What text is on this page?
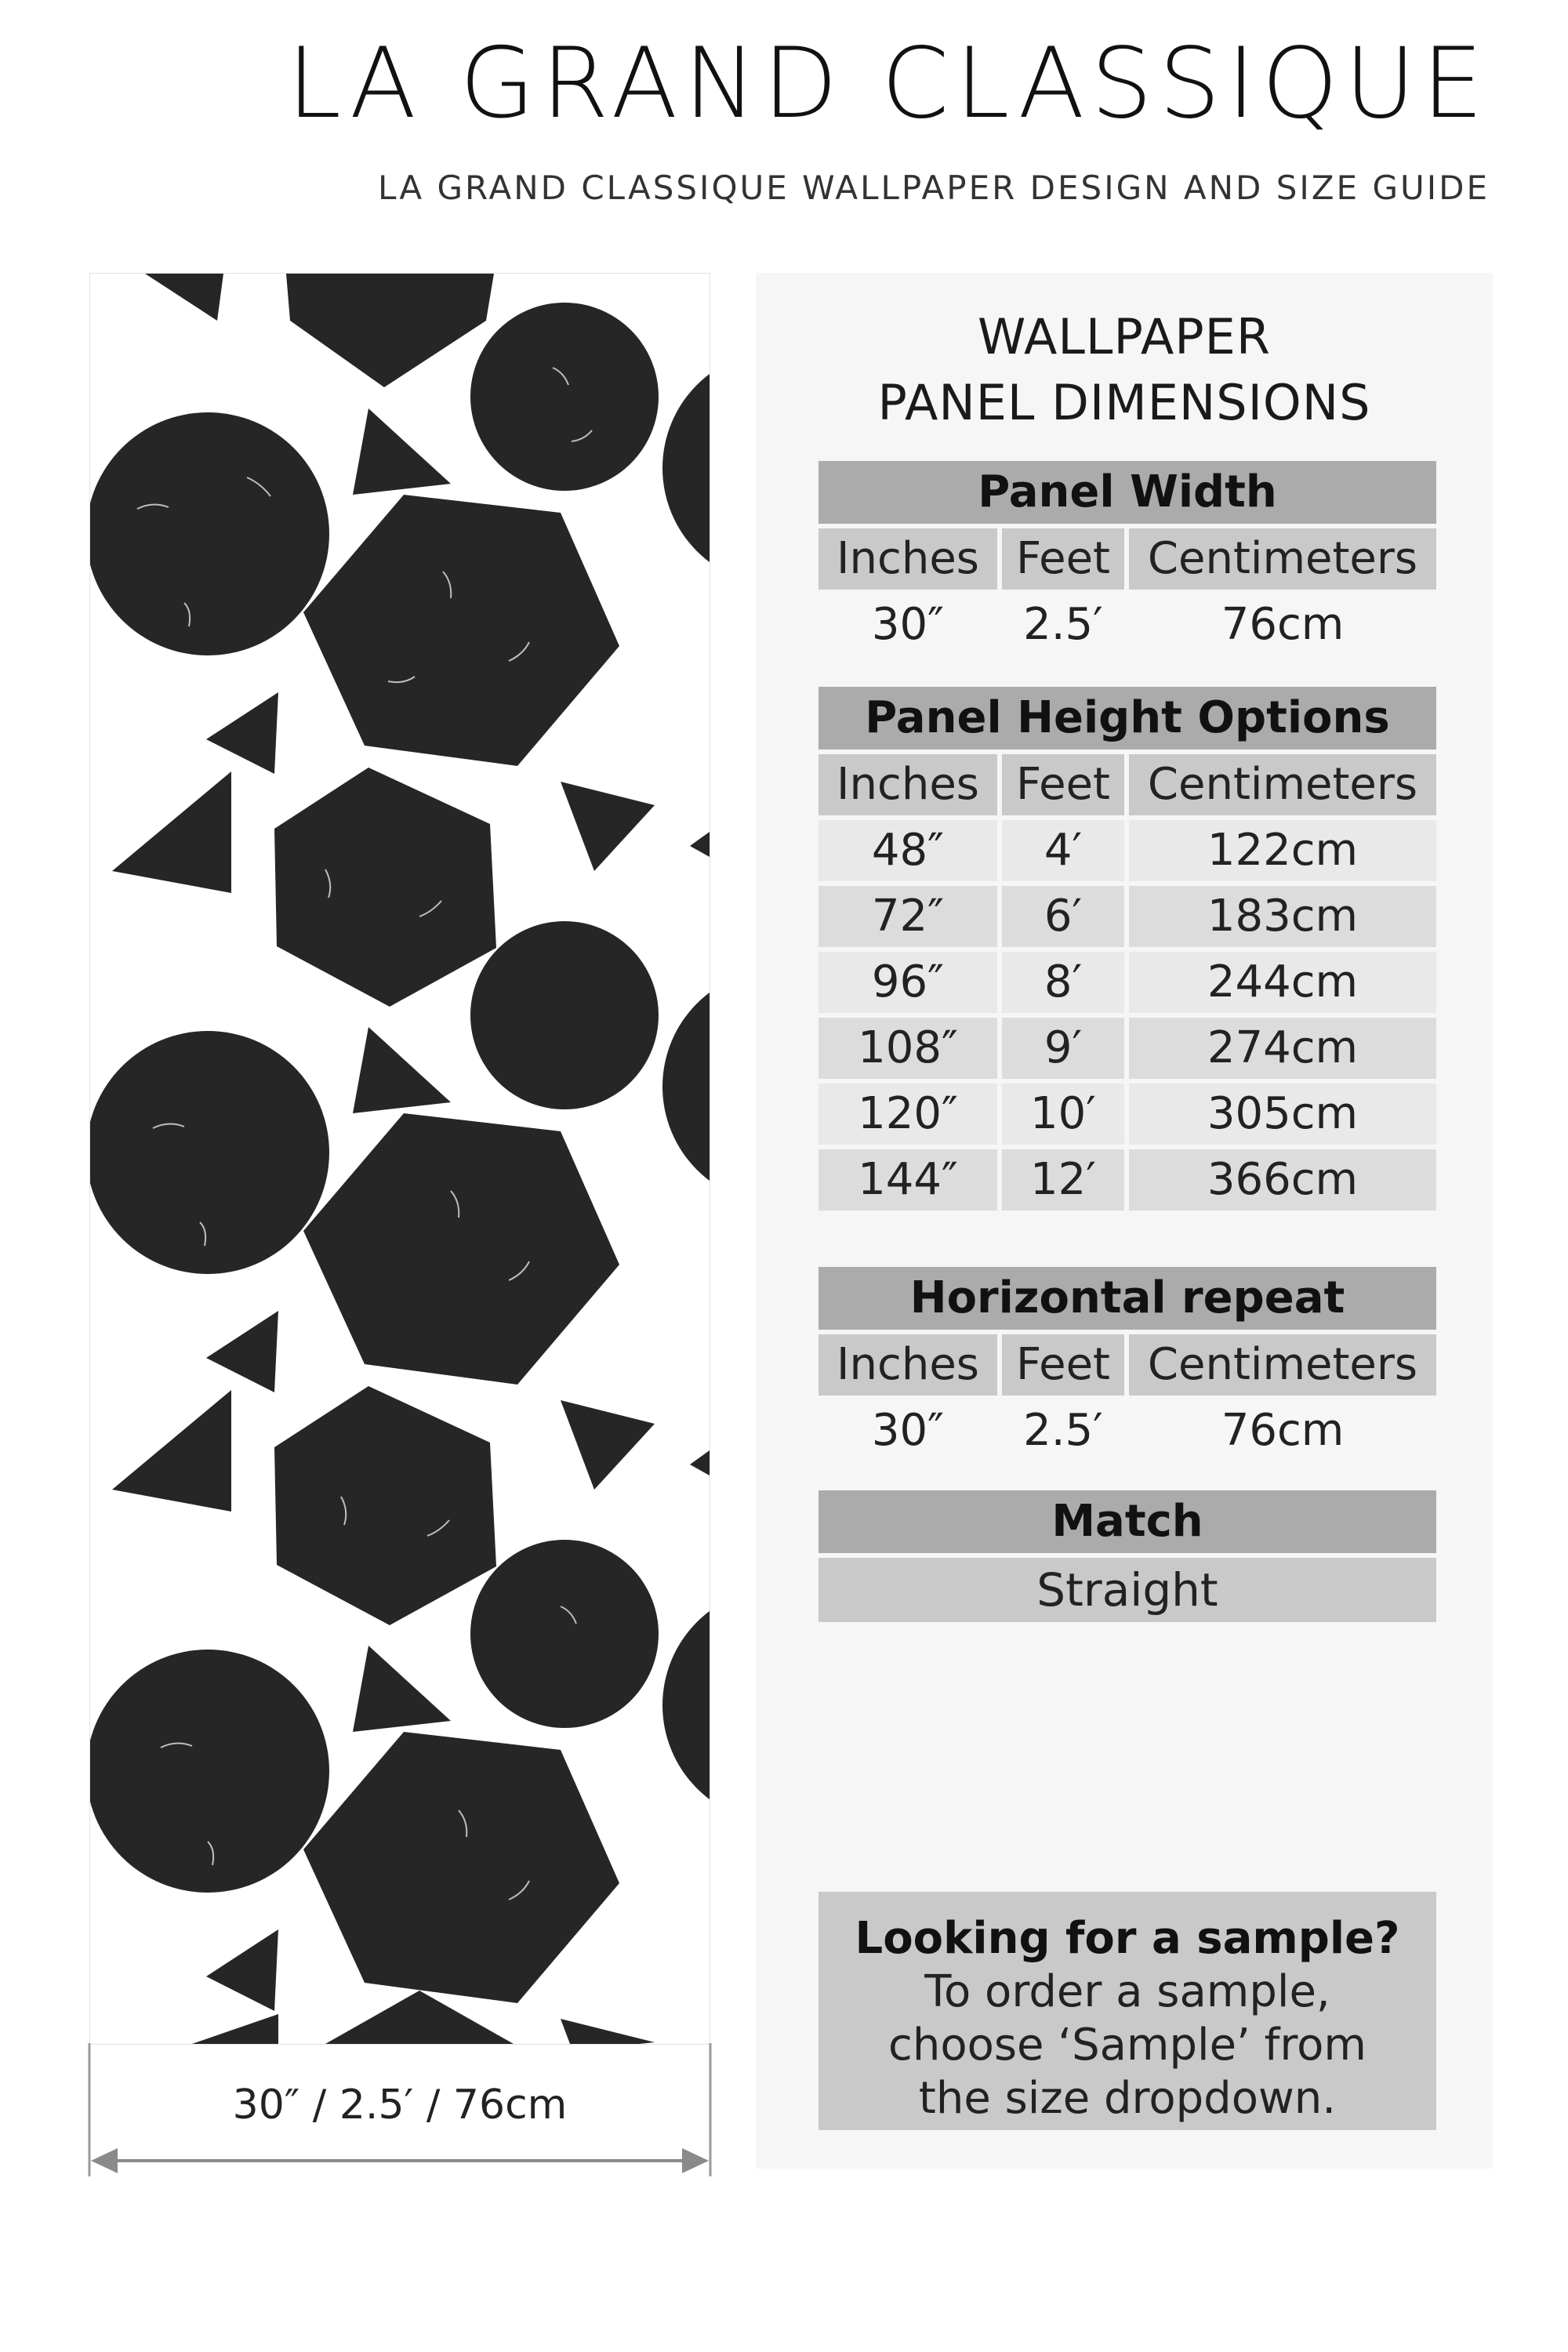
LA GRAND CLASSIQUE
LA GRAND CLASSIQUE WALLPAPER DESIGN AND SIZE GUIDE
30″ / 2.5′ / 76cm
WALLPAPER
PANEL DIMENSIONS
Panel Width
Inches Feet Centimeters
30″	2.5′	76cm
Panel Height Options
Inches Feet Centimeters
48″	4′	122cm
72″	6′	183cm
96″	8′	244cm
108″	9′	274cm
120″	10′	305cm
144″	12′	366cm
Horizontal repeat
Inches Feet Centimeters
30″	2.5′	76cm
Match
Straight
Looking for a sample?
To order a sample,
choose ‘Sample’ from
the size dropdown.
